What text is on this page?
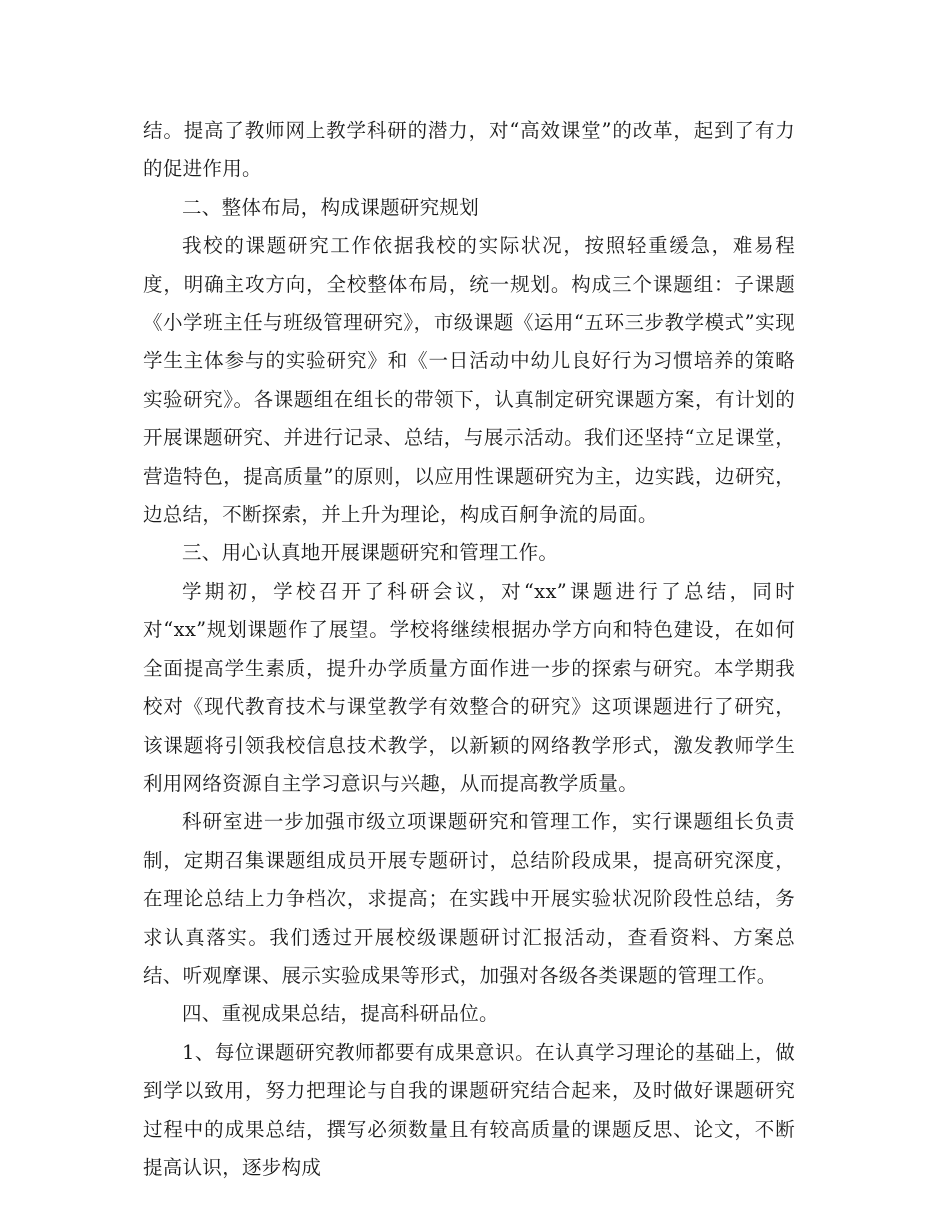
结。提高了教师网上教学科研的潜力，对“高效课堂”的改革，起到了有力的促进作用。

二、整体布局，构成课题研究规划

我校的课题研究工作依据我校的实际状况，按照轻重缓急，难易程度，明确主攻方向，全校整体布局，统一规划。构成三个课题组：子课题《小学班主任与班级管理研究》，市级课题《运用“五环三步教学模式”实现学生主体参与的实验研究》和《一日活动中幼儿良好行为习惯培养的策略实验研究》。各课题组在组长的带领下，认真制定研究课题方案，有计划的开展课题研究、并进行记录、总结，与展示活动。我们还坚持“立足课堂，营造特色，提高质量”的原则，以应用性课题研究为主，边实践，边研究，边总结，不断探索，并上升为理论，构成百舸争流的局面。

三、用心认真地开展课题研究和管理工作。

学期初，学校召开了科研会议，对“xx”课题进行了总结，同时对“xx”规划课题作了展望。学校将继续根据办学方向和特色建设，在如何全面提高学生素质，提升办学质量方面作进一步的探索与研究。本学期我校对《现代教育技术与课堂教学有效整合的研究》这项课题进行了研究，该课题将引领我校信息技术教学，以新颖的网络教学形式，激发教师学生利用网络资源自主学习意识与兴趣，从而提高教学质量。

科研室进一步加强市级立项课题研究和管理工作，实行课题组长负责制，定期召集课题组成员开展专题研讨，总结阶段成果，提高研究深度，在理论总结上力争档次，求提高；在实践中开展实验状况阶段性总结，务求认真落实。我们透过开展校级课题研讨汇报活动，查看资料、方案总结、听观摩课、展示实验成果等形式，加强对各级各类课题的管理工作。

四、重视成果总结，提高科研品位。

1、每位课题研究教师都要有成果意识。在认真学习理论的基础上，做到学以致用，努力把理论与自我的课题研究结合起来，及时做好课题研究过程中的成果总结，撰写必须数量且有较高质量的课题反思、论文，不断提高认识，逐步构成
